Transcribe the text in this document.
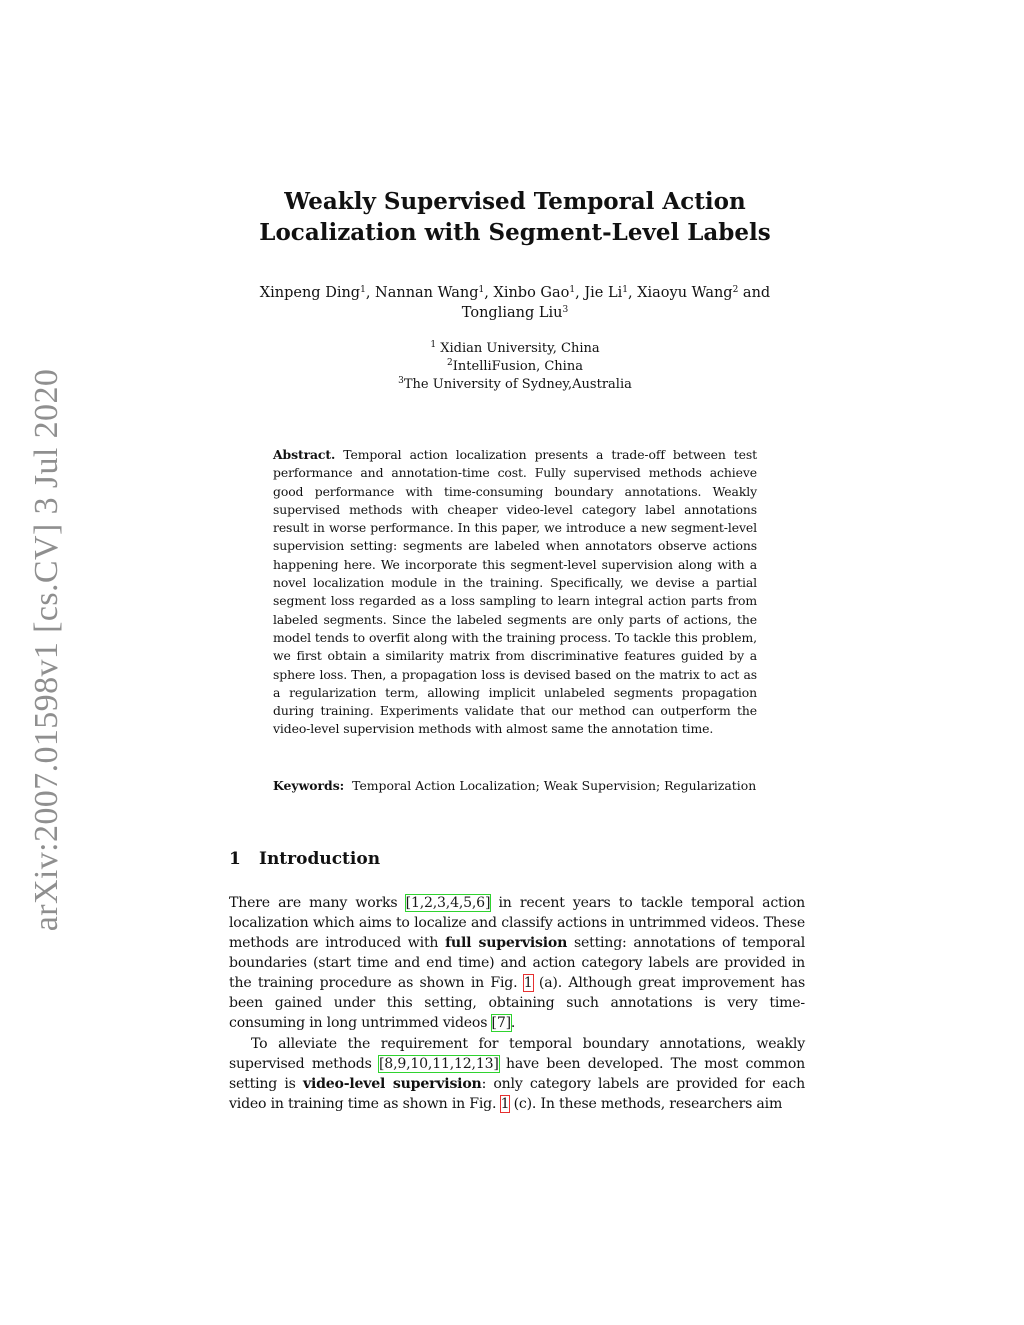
arXiv:2007.01598v1 [cs.CV] 3 Jul 2020
Weakly Supervised Temporal Action
Localization with Segment-Level Labels
Xinpeng Ding$^1$, Nannan Wang$^1$, Xinbo Gao$^1$, Jie Li$^1$, Xiaoyu Wang$^2$ and
Tongliang Liu$^3$
$^1$ Xidian University, China
$^2$IntelliFusion, China
$^3$The University of Sydney,Australia
Abstract. Temporal action localization presents a trade-off between test performance and annotation-time cost. Fully supervised methods achieve good performance with time-consuming boundary annotations. Weakly supervised methods with cheaper video-level category label annotations result in worse performance. In this paper, we introduce a new segment-level supervision setting: segments are labeled when annotators observe actions happening here. We incorporate this segment-level supervision along with a novel localization module in the training. Specifically, we devise a partial segment loss regarded as a loss sampling to learn integral action parts from labeled segments. Since the labeled segments are only parts of actions, the model tends to overfit along with the training process. To tackle this problem, we first obtain a similarity matrix from discriminative features guided by a sphere loss. Then, a propagation loss is devised based on the matrix to act as a regularization term, allowing implicit unlabeled segments propagation during training. Experiments validate that our method can outperform the video-level supervision methods with almost same the annotation time.
Keywords: Temporal Action Localization; Weak Supervision; Regularization
1 Introduction
There are many works [1,2,3,4,5,6] in recent years to tackle temporal action localization which aims to localize and classify actions in untrimmed videos. These methods are introduced with full supervision setting: annotations of temporal boundaries (start time and end time) and action category labels are provided in the training procedure as shown in Fig. 1 (a). Although great improvement has been gained under this setting, obtaining such annotations is very time-consuming in long untrimmed videos [7].
To alleviate the requirement for temporal boundary annotations, weakly supervised methods [8,9,10,11,12,13] have been developed. The most common setting is video-level supervision: only category labels are provided for each video in training time as shown in Fig. 1 (c). In these methods, researchers aim
